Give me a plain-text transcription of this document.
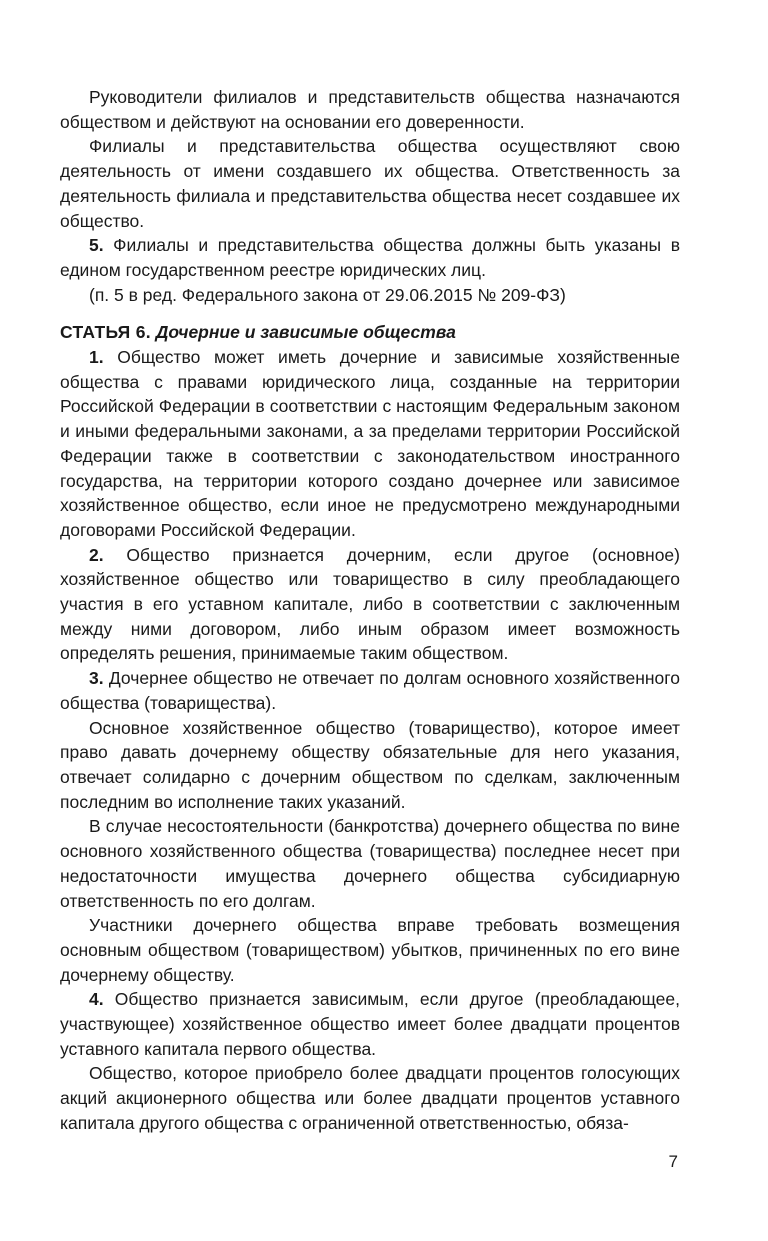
Руководители филиалов и представительств общества назначаются обществом и действуют на основании его доверенности.

Филиалы и представительства общества осуществляют свою деятельность от имени создавшего их общества. Ответственность за деятельность филиала и представительства общества несет создавшее их общество.

5. Филиалы и представительства общества должны быть указаны в едином государственном реестре юридических лиц.

(п. 5 в ред. Федерального закона от 29.06.2015 № 209-ФЗ)

СТАТЬЯ 6. Дочерние и зависимые общества

1. Общество может иметь дочерние и зависимые хозяйственные общества с правами юридического лица, созданные на территории Российской Федерации в соответствии с настоящим Федеральным законом и иными федеральными законами, а за пределами территории Российской Федерации также в соответствии с законодательством иностранного государства, на территории которого создано дочернее или зависимое хозяйственное общество, если иное не предусмотрено международными договорами Российской Федерации.

2. Общество признается дочерним, если другое (основное) хозяйственное общество или товарищество в силу преобладающего участия в его уставном капитале, либо в соответствии с заключенным между ними договором, либо иным образом имеет возможность определять решения, принимаемые таким обществом.

3. Дочернее общество не отвечает по долгам основного хозяйственного общества (товарищества).

Основное хозяйственное общество (товарищество), которое имеет право давать дочернему обществу обязательные для него указания, отвечает солидарно с дочерним обществом по сделкам, заключенным последним во исполнение таких указаний.

В случае несостоятельности (банкротства) дочернего общества по вине основного хозяйственного общества (товарищества) последнее несет при недостаточности имущества дочернего общества субсидиарную ответственность по его долгам.

Участники дочернего общества вправе требовать возмещения основным обществом (товариществом) убытков, причиненных по его вине дочернему обществу.

4. Общество признается зависимым, если другое (преобладающее, участвующее) хозяйственное общество имеет более двадцати процентов уставного капитала первого общества.

Общество, которое приобрело более двадцати процентов голосующих акций акционерного общества или более двадцати процентов уставного капитала другого общества с ограниченной ответственностью, обяза-

7
